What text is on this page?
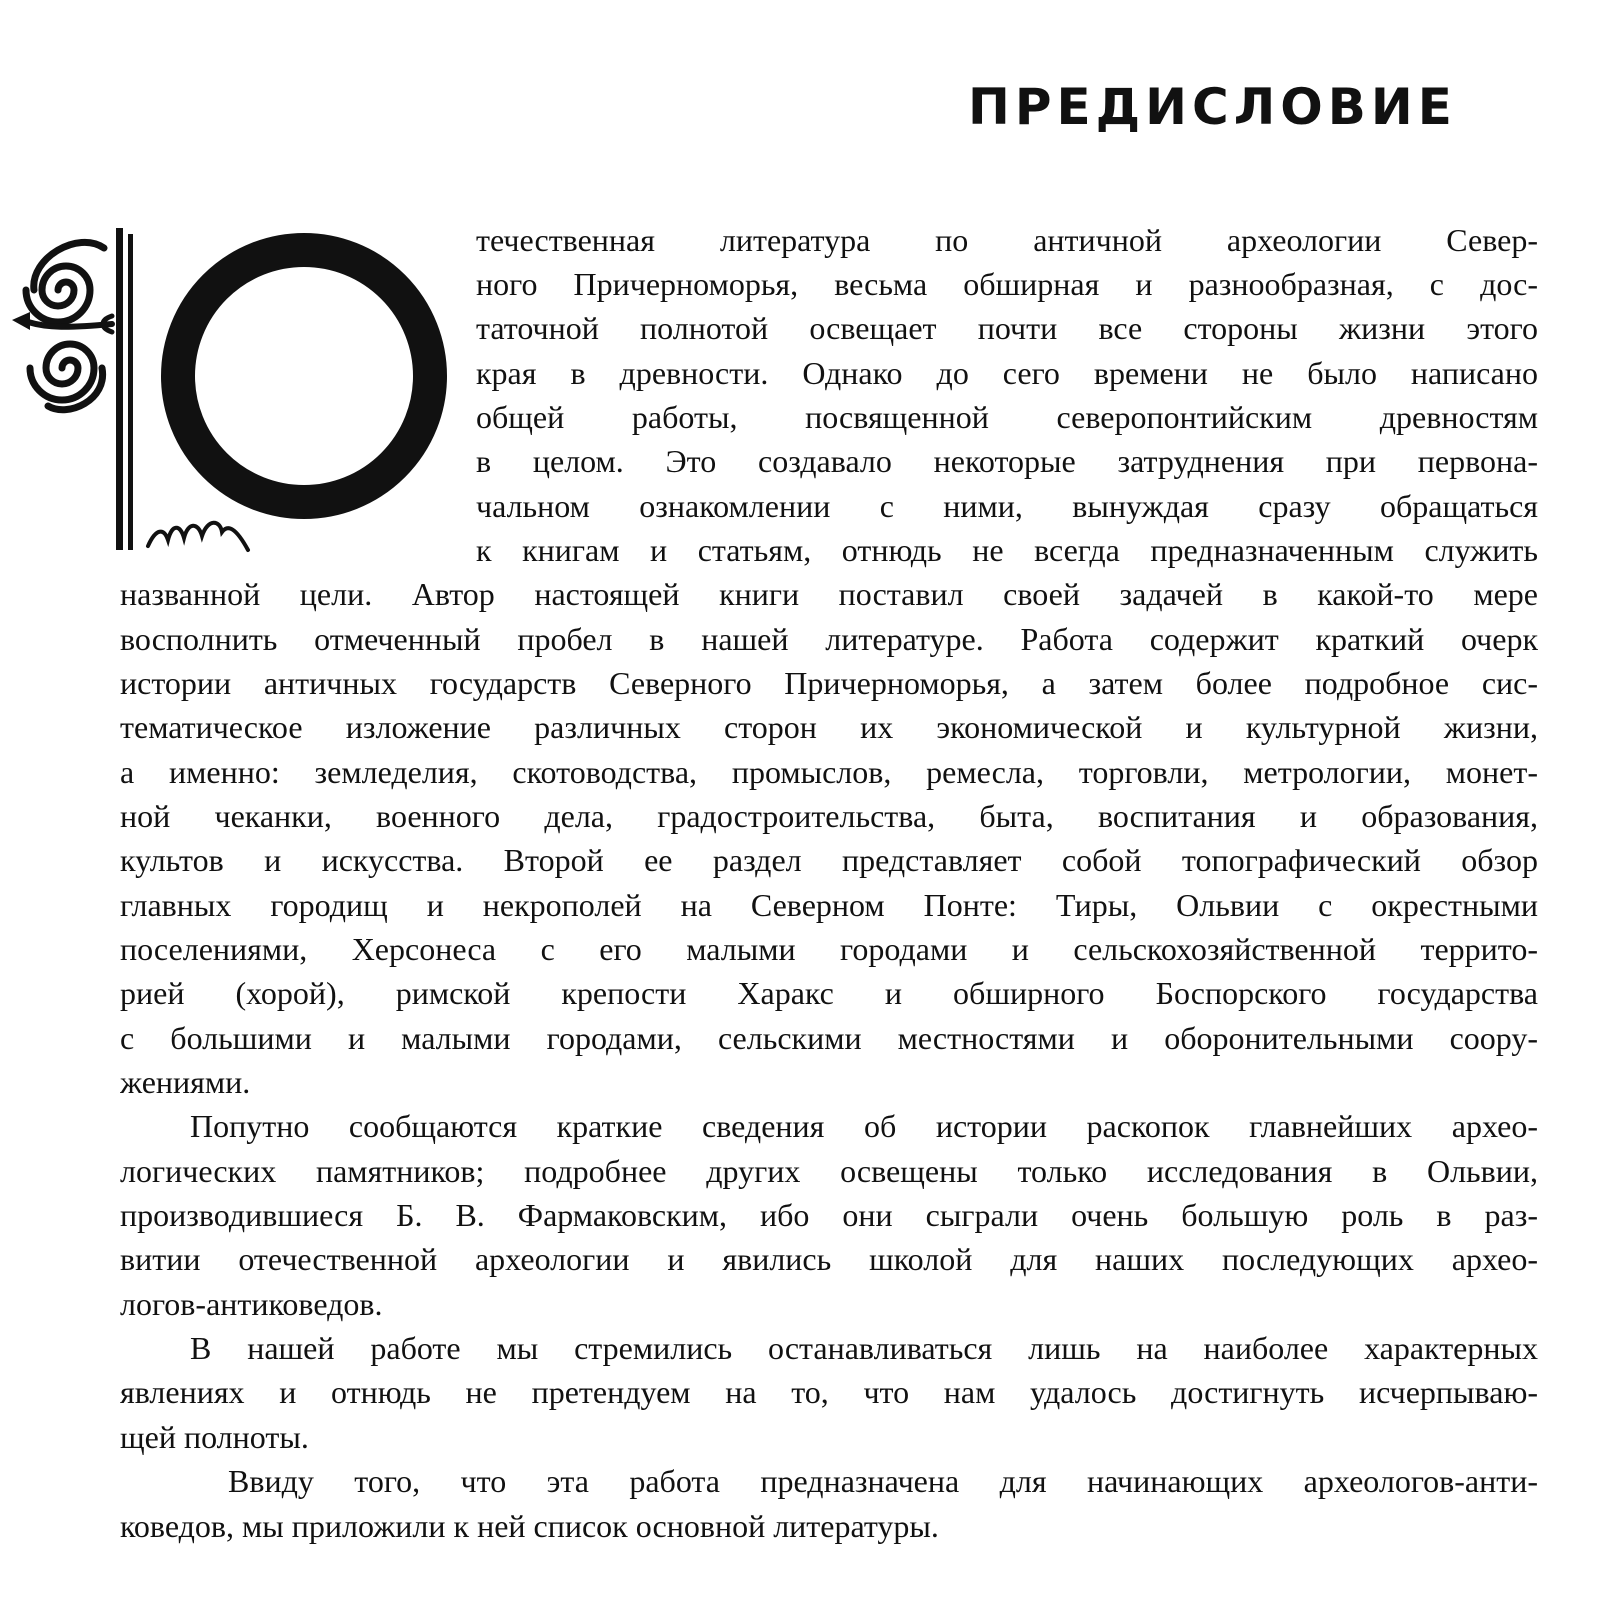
ПРЕДИСЛОВИЕ

течественная литература по античной археологии Север-

ного Причерноморья, весьма обширная и разнообразная, с дос-

таточной полнотой освещает почти все стороны жизни этого

края в древности. Однако до сего времени не было написано

общей работы, посвященной северопонтийским древностям

в целом. Это создавало некоторые затруднения при первона-

чальном ознакомлении с ними, вынуждая сразу обращаться

к книгам и статьям, отнюдь не всегда предназначенным служить

названной цели. Автор настоящей книги поставил своей задачей в какой-то мере

восполнить отмеченный пробел в нашей литературе. Работа содержит краткий очерк

истории античных государств Северного Причерноморья, а затем более подробное сис-

тематическое изложение различных сторон их экономической и культурной жизни,

а именно: земледелия, скотоводства, промыслов, ремесла, торговли, метрологии, монет-

ной чеканки, военного дела, градостроительства, быта, воспитания и образования,

культов и искусства. Второй ее раздел представляет собой топографический обзор

главных городищ и некрополей на Северном Понте: Тиры, Ольвии с окрестными

поселениями, Херсонеса с его малыми городами и сельскохозяйственной террито-

рией (хорой), римской крепости Харакс и обширного Боспорского государства

с большими и малыми городами, сельскими местностями и оборонительными соору-

жениями.

Попутно сообщаются краткие сведения об истории раскопок главнейших архео-

логических памятников; подробнее других освещены только исследования в Ольвии,

производившиеся Б. В. Фармаковским, ибо они сыграли очень большую роль в раз-

витии отечественной археологии и явились школой для наших последующих архео-

логов-антиковедов.

В нашей работе мы стремились останавливаться лишь на наиболее характерных

явлениях и отнюдь не претендуем на то, что нам удалось достигнуть исчерпываю-

щей полноты.

Ввиду того, что эта работа предназначена для начинающих археологов-анти-

коведов, мы приложили к ней список основной литературы.
